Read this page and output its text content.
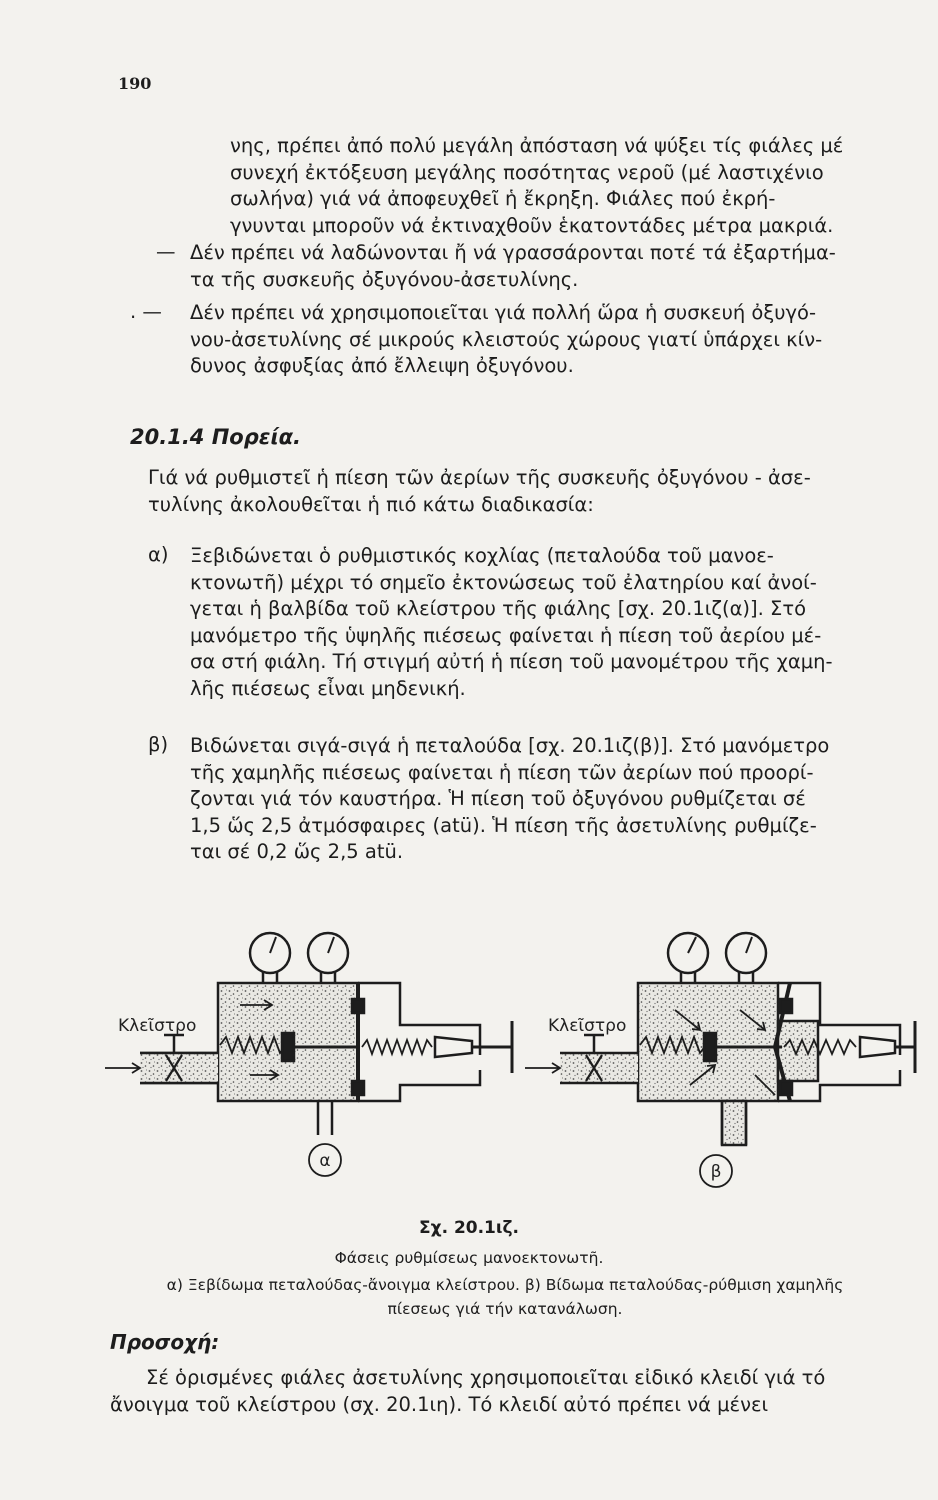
190
νης, πρέπει ἀπό πολύ μεγάλη ἀπόσταση νά ψύξει τίς φιάλες μέ
συνεχή ἐκτόξευση μεγάλης ποσότητας νεροῦ (μέ λαστιχένιο
σωλήνα) γιά νά ἀποφευχθεῖ ἡ ἔκρηξη. Φιάλες πού ἐκρή-
γνυνται μποροῦν νά ἐκτιναχθοῦν ἑκατοντάδες μέτρα μακριά.
— Δέν πρέπει νά λαδώνονται ἤ νά γρασσάρονται ποτέ τά ἐξαρτήμα-
τα τῆς συσκευῆς ὀξυγόνου-ἀσετυλίνης.
. — Δέν πρέπει νά χρησιμοποιεῖται γιά πολλή ὥρα ἡ συσκευή ὀξυγό-
νου-ἀσετυλίνης σέ μικρούς κλειστούς χώρους γιατί ὑπάρχει κίν-
δυνος ἀσφυξίας ἀπό ἔλλειψη ὀξυγόνου.
20.1.4 Πορεία.
Γιά νά ρυθμιστεῖ ἡ πίεση τῶν ἀερίων τῆς συσκευῆς ὀξυγόνου - ἀσε-
τυλίνης ἀκολουθεῖται ἡ πιό κάτω διαδικασία:
α) Ξεβιδώνεται ὁ ρυθμιστικός κοχλίας (πεταλούδα τοῦ μανοε-
κτονωτῆ) μέχρι τό σημεῖο ἐκτονώσεως τοῦ ἐλατηρίου καί ἀνοί-
γεται ἡ βαλβίδα τοῦ κλείστρου τῆς φιάλης [σχ. 20.1ιζ(α)]. Στό
μανόμετρο τῆς ὑψηλῆς πιέσεως φαίνεται ἡ πίεση τοῦ ἀερίου μέ-
σα στή φιάλη. Τή στιγμή αὐτή ἡ πίεση τοῦ μανομέτρου τῆς χαμη-
λῆς πιέσεως εἶναι μηδενική.
β) Βιδώνεται σιγά-σιγά ἡ πεταλούδα [σχ. 20.1ιζ(β)]. Στό μανόμετρο
τῆς χαμηλῆς πιέσεως φαίνεται ἡ πίεση τῶν ἀερίων πού προορί-
ζονται γιά τόν καυστήρα. Ἡ πίεση τοῦ ὀξυγόνου ρυθμίζεται σέ
1,5 ὥς 2,5 ἀτμόσφαιρες (atü). Ἡ πίεση τῆς ἀσετυλίνης ρυθμίζε-
ται σέ 0,2 ὥς 2,5 atü.
Κλεῖστρο
α
Κλεῖστρο
β
Σχ. 20.1ιζ.
Φάσεις ρυθμίσεως μανοεκτονωτῆ.
α) Ξεβίδωμα πεταλούδας-ἄνοιγμα κλείστρου. β) Βίδωμα πεταλούδας-ρύθμιση χαμηλῆς
πίεσεως γιά τήν κατανάλωση.
Προσοχή:
Σέ ὁρισμένες φιάλες ἀσετυλίνης χρησιμοποιεῖται εἰδικό κλειδί γιά τό
ἄνοιγμα τοῦ κλείστρου (σχ. 20.1ιη). Τό κλειδί αὐτό πρέπει νά μένει
